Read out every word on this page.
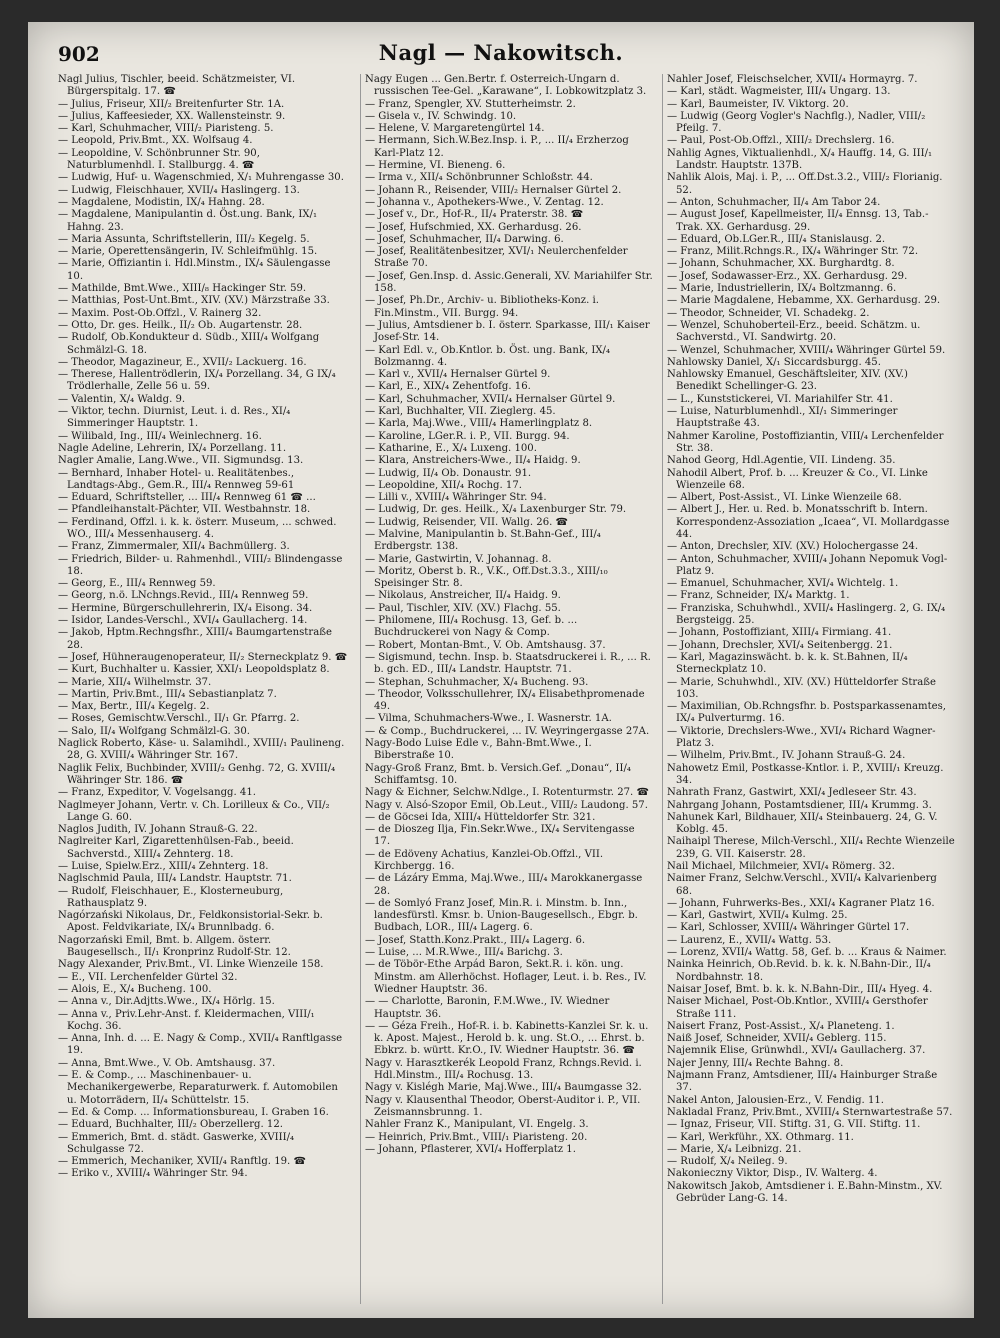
902	Nagl — Nakowitsch.

Nagl Julius, Tischler, beeid. Schätzmeister, VI. Bürgerspitalg. 17. ☎

— Julius, Friseur, XII/₂ Breitenfurter Str. 1A.

— Julius, Kaffeesieder, XX. Wallensteinstr. 9.

— Karl, Schuhmacher, VIII/₂ Piaristeng. 5.

— Leopold, Priv.Bmt., XX. Wolfsaug 4.

— Leopoldine, V. Schönbrunner Str. 90, Naturblumenhdl. I. Stallburgg. 4. ☎

— Ludwig, Huf- u. Wagenschmied, X/₁ Muhrengasse 30.

— Ludwig, Fleischhauer, XVII/₄ Haslingerg. 13.

— Magdalene, Modistin, IX/₄ Hahng. 28.

— Magdalene, Manipulantin d. Öst.ung. Bank, IX/₁ Hahng. 23.

— Maria Assunta, Schriftstellerin, III/₂ Kegelg. 5.

— Marie, Operettensängerin, IV. Schleifmühlg. 15.

— Marie, Offiziantin i. Hdl.Minstm., IX/₄ Säulengasse 10.

— Mathilde, Bmt.Wwe., XIII/₈ Hackinger Str. 59.

— Matthias, Post-Unt.Bmt., XIV. (XV.) Märzstraße 33.

— Maxim. Post-Ob.Offzl., V. Rainerg 32.

— Otto, Dr. ges. Heilk., II/₂ Ob. Augartenstr. 28.

— Rudolf, Ob.Kondukteur d. Südb., XIII/₄ Wolfgang Schmälzl-G. 18.

— Theodor, Magazineur, E., XVII/₂ Lackuerg. 16.

— Therese, Hallentrödlerin, IX/₄ Porzellang. 34, G IX/₄ Trödlerhalle, Zelle 56 u. 59.

— Valentin, X/₄ Waldg. 9.

— Viktor, techn. Diurnist, Leut. i. d. Res., XI/₄ Simmeringer Hauptstr. 1.

— Wilibald, Ing., III/₄ Weinlechnerg. 16.

Nagle Adeline, Lehrerin, IX/₄ Porzellang. 11.

Nagler Amalie, Lang.Wwe., VII. Sigmundsg. 13.

— Bernhard, Inhaber Hotel- u. Realitätenbes., Landtags-Abg., Gem.R., III/₄ Rennweg 59-61

— Eduard, Schriftsteller, ... III/₄ Rennweg 61 ☎ ...

— Pfandleihanstalt-Pächter, VII. Westbahnstr. 18.

— Ferdinand, Offzl. i. k. k. österr. Museum, ... schwed. WO., III/₄ Messenhauserg. 4.

— Franz, Zimmermaler, XII/₄ Bachmüllerg. 3.

— Friedrich, Bilder- u. Rahmenhdl., VIII/₂ Blindengasse 18.

— Georg, E., III/₄ Rennweg 59.

— Georg, n.ö. LNchngs.Revid., III/₄ Rennweg 59.

— Hermine, Bürgerschullehrerin, IX/₄ Eisong. 34.

— Isidor, Landes-Verschl., XVI/₄ Gaullacherg. 14.

— Jakob, Hptm.Rechngsfhr., XIII/₄ Baumgartenstraße 28.

— Josef, Hühneraugenoperateur, II/₂ Sterneckplatz 9. ☎

— Kurt, Buchhalter u. Kassier, XXI/₁ Leopoldsplatz 8.

— Marie, XII/₄ Wilhelmstr. 37.

— Martin, Priv.Bmt., III/₄ Sebastianplatz 7.

— Max, Bertr., III/₄ Kegelg. 2.

— Roses, Gemischtw.Verschl., II/₁ Gr. Pfarrg. 2.

— Salo, II/₄ Wolfgang Schmälzl-G. 30.

Naglick Roberto, Käse- u. Salamihdl., XVIII/₁ Paulineng. 28, G. XVIII/₄ Währinger Str. 167.

Naglik Felix, Buchbinder, XVIII/₂ Genhg. 72, G. XVIII/₄ Währinger Str. 186. ☎

— Franz, Expeditor, V. Vogelsangg. 41.

Naglmeyer Johann, Vertr. v. Ch. Lorilleux & Co., VII/₂ Lange G. 60.

Naglos Judith, IV. Johann Strauß-G. 22.

Naglreiter Karl, Zigarettenhülsen-Fab., beeid. Sachverstd., XIII/₄ Zehnterg. 18.

— Luise, Spielw.Erz., XIII/₄ Zehnterg. 18.

Naglschmid Paula, III/₄ Landstr. Hauptstr. 71.

— Rudolf, Fleischhauer, E., Klosterneuburg, Rathausplatz 9.

Nagórzański Nikolaus, Dr., Feldkonsistorial-Sekr. b. Apost. Feldvikariate, IX/₄ Brunnlbadg. 6.

Nagorzański Emil, Bmt. b. Allgem. österr. Baugesellsch., II/₁ Kronprinz Rudolf-Str. 12.

Nagy Alexander, Priv.Bmt., VI. Linke Wienzeile 158.

— E., VII. Lerchenfelder Gürtel 32.

— Alois, E., X/₄ Bucheng. 100.

— Anna v., Dir.Adjtts.Wwe., IX/₄ Hörlg. 15.

— Anna v., Priv.Lehr-Anst. f. Kleidermachen, VIII/₁ Kochg. 36.

— Anna, Inh. d. ... E. Nagy & Comp., XVII/₄ Ranftlgasse 19.

— Anna, Bmt.Wwe., V. Ob. Amtshausg. 37.

— E. & Comp., ... Maschinenbauer- u. Mechanikergewerbe, Reparaturwerk. f. Automobilen u. Motorrädern, II/₄ Schüttelstr. 15.

— Ed. & Comp. ... Informationsbureau, I. Graben 16.

— Eduard, Buchhalter, III/₂ Oberzellerg. 12.

— Emmerich, Bmt. d. städt. Gaswerke, XVIII/₄ Schulgasse 72.

— Emmerich, Mechaniker, XVII/₄ Ranftlg. 19. ☎

— Eriko v., XVIII/₄ Währinger Str. 94.

Nagy Eugen ... Gen.Bertr. f. Österreich-Ungarn d. russischen Tee-Gel. „Karawane“, I. Lobkowitzplatz 3.

— Franz, Spengler, XV. Stutterheimstr. 2.

— Gisela v., IV. Schwindg. 10.

— Helene, V. Margaretengürtel 14.

— Hermann, Sich.W.Bez.Insp. i. P., ... II/₄ Erzherzog Karl-Platz 12.

— Hermine, VI. Bieneng. 6.

— Irma v., XII/₄ Schönbrunner Schloßstr. 44.

— Johann R., Reisender, VIII/₂ Hernalser Gürtel 2.

— Johanna v., Apothekers-Wwe., V. Zentag. 12.

— Josef v., Dr., Hof-R., II/₄ Praterstr. 38. ☎

— Josef, Hufschmied, XX. Gerhardusg. 26.

— Josef, Schuhmacher, II/₄ Darwing. 6.

— Josef, Realitätenbesitzer, XVI/₁ Neulerchenfelder Straße 70.

— Josef, Gen.Insp. d. Assic.Generali, XV. Mariahilfer Str. 158.

— Josef, Ph.Dr., Archiv- u. Bibliotheks-Konz. i. Fin.Minstm., VII. Burgg. 94.

— Julius, Amtsdiener b. I. österr. Sparkasse, III/₁ Kaiser Josef-Str. 14.

— Karl Edl. v., Ob.Kntlor. b. Öst. ung. Bank, IX/₄ Bolzmanng. 4.

— Karl v., XVII/₄ Hernalser Gürtel 9.

— Karl, E., XIX/₄ Zehentfofg. 16.

— Karl, Schuhmacher, XVII/₄ Hernalser Gürtel 9.

— Karl, Buchhalter, VII. Zieglerg. 45.

— Karla, Maj.Wwe., VIII/₄ Hamerlingplatz 8.

— Karoline, LGer.R. i. P., VII. Burgg. 94.

— Katharine, E., X/₄ Luxeng. 100.

— Klara, Anstreichers-Wwe., II/₄ Haidg. 9.

— Ludwig, II/₄ Ob. Donaustr. 91.

— Leopoldine, XII/₄ Rochg. 17.

— Lilli v., XVIII/₄ Währinger Str. 94.

— Ludwig, Dr. ges. Heilk., X/₄ Laxenburger Str. 79.

— Ludwig, Reisender, VII. Wallg. 26. ☎

— Malvine, Manipulantin b. St.Bahn-Gef., III/₄ Erdbergstr. 138.

— Marie, Gastwirtin, V. Johannag. 8.

— Moritz, Oberst b. R., V.K., Off.Dst.3.3., XIII/₁₀ Speisinger Str. 8.

— Nikolaus, Anstreicher, II/₄ Haidg. 9.

— Paul, Tischler, XIV. (XV.) Flachg. 55.

— Philomene, III/₄ Rochusg. 13, Gef. b. ... Buchdruckerei von Nagy & Comp.

— Robert, Montan-Bmt., V. Ob. Amtshausg. 37.

— Sigismund, techn. Insp. b. Staatsdruckerei i. R., ... R. b. gch. ED., III/₄ Landstr. Hauptstr. 71.

— Stephan, Schuhmacher, X/₄ Bucheng. 93.

— Theodor, Volksschullehrer, IX/₄ Elisabethpromenade 49.

— Vilma, Schuhmachers-Wwe., I. Wasnerstr. 1A.

— & Comp., Buchdruckerei, ... IV. Weyringergasse 27A.

Nagy-Bodo Luise Edle v., Bahn-Bmt.Wwe., I. Biberstraße 10.

Nagy-Groß Franz, Bmt. b. Versich.Gef. „Donau“, II/₄ Schiffamtsg. 10.

Nagy & Eichner, Selchw.Ndlge., I. Rotenturmstr. 27. ☎

Nagy v. Alsó-Szopor Emil, Ob.Leut., VIII/₂ Laudong. 57.

— de Göcsei Ida, XIII/₄ Hütteldorfer Str. 321.

— de Dioszeg Ilja, Fin.Sekr.Wwe., IX/₄ Servitengasse 17.

— de Edöveny Achatius, Kanzlei-Ob.Offzl., VII. Kirchbergg. 16.

— de Lázáry Emma, Maj.Wwe., III/₄ Marokkanergasse 28.

— de Somlyó Franz Josef, Min.R. i. Minstm. b. Inn., landesfürstl. Kmsr. b. Union-Baugesellsch., Ebgr. b. Budbach, LOR., III/₄ Lagerg. 6.

— Josef, Statth.Konz.Prakt., III/₄ Lagerg. 6.

— Luise, ... M.R.Wwe., III/₄ Barichg. 3.

— de Töbör-Ethe Arpád Baron, Sekt.R. i. kön. ung. Minstm. am Allerhöchst. Hoflager, Leut. i. b. Res., IV. Wiedner Hauptstr. 36.

— — Charlotte, Baronin, F.M.Wwe., IV. Wiedner Hauptstr. 36.

— — Géza Freih., Hof-R. i. b. Kabinetts-Kanzlei Sr. k. u. k. Apost. Majest., Herold b. k. ung. St.O., ... Ehrst. b. Ebkrz. b. württ. Kr.O., IV. Wiedner Hauptstr. 36. ☎

Nagy v. Harasztkerék Leopold Franz, Rchngs.Revid. i. Hdl.Minstm., III/₄ Rochusg. 13.

Nagy v. Kislégh Marie, Maj.Wwe., III/₄ Baumgasse 32.

Nagy v. Klausenthal Theodor, Oberst-Auditor i. P., VII. Zeismannsbrunng. 1.

Nahler Franz K., Manipulant, VI. Engelg. 3.

— Heinrich, Priv.Bmt., VIII/₁ Piaristeng. 20.

— Johann, Pflasterer, XVI/₄ Hofferplatz 1.

Nahler Josef, Fleischselcher, XVII/₄ Hormayrg. 7.

— Karl, städt. Wagmeister, III/₄ Ungarg. 13.

— Karl, Baumeister, IV. Viktorg. 20.

— Ludwig (Georg Vogler's Nachflg.), Nadler, VIII/₂ Pfeilg. 7.

— Paul, Post-Ob.Offzl., XIII/₂ Drechslerg. 16.

Nahlig Agnes, Viktualienhdl., X/₄ Hauffg. 14, G. III/₁ Landstr. Hauptstr. 137B.

Nahlik Alois, Maj. i. P., ... Off.Dst.3.2., VIII/₂ Florianig. 52.

— Anton, Schuhmacher, II/₄ Am Tabor 24.

— August Josef, Kapellmeister, II/₄ Ennsg. 13, Tab.-Trak. XX. Gerhardusg. 29.

— Eduard, Ob.LGer.R., III/₄ Stanislausg. 2.

— Franz, Milit.Rchngs.R., IX/₄ Währinger Str. 72.

— Johann, Schuhmacher, XX. Burghardtg. 8.

— Josef, Sodawasser-Erz., XX. Gerhardusg. 29.

— Marie, Industriellerin, IX/₄ Boltzmanng. 6.

— Marie Magdalene, Hebamme, XX. Gerhardusg. 29.

— Theodor, Schneider, VI. Schadekg. 2.

— Wenzel, Schuhoberteil-Erz., beeid. Schätzm. u. Sachverstd., VI. Sandwirtg. 20.

— Wenzel, Schuhmacher, XVIII/₄ Währinger Gürtel 59.

Nahlowsky Daniel, X/₁ Siccardsburgg. 45.

Nahlowsky Emanuel, Geschäftsleiter, XIV. (XV.) Benedikt Schellinger-G. 23.

— L., Kunststickerei, VI. Mariahilfer Str. 41.

— Luise, Naturblumenhdl., XI/₁ Simmeringer Hauptstraße 43.

Nahmer Karoline, Postoffiziantin, VIII/₄ Lerchenfelder Str. 38.

Nahod Georg, Hdl.Agentie, VII. Lindeng. 35.

Nahodil Albert, Prof. b. ... Kreuzer & Co., VI. Linke Wienzeile 68.

— Albert, Post-Assist., VI. Linke Wienzeile 68.

— Albert J., Her. u. Red. b. Monatsschrift b. Intern. Korrespondenz-Assoziation „Icaea“, VI. Mollardgasse 44.

— Anton, Drechsler, XIV. (XV.) Holochergasse 24.

— Anton, Schuhmacher, XVIII/₄ Johann Nepomuk Vogl-Platz 9.

— Emanuel, Schuhmacher, XVI/₄ Wichtelg. 1.

— Franz, Schneider, IX/₄ Marktg. 1.

— Franziska, Schuhwhdl., XVII/₄ Haslingerg. 2, G. IX/₄ Bergsteigg. 25.

— Johann, Postoffiziant, XIII/₄ Firmiang. 41.

— Johann, Drechsler, XVI/₄ Seitenbergg. 21.

— Karl, Magazinswächt. b. k. k. St.Bahnen, II/₄ Sterneckplatz 10.

— Marie, Schuhwhdl., XIV. (XV.) Hütteldorfer Straße 103.

— Maximilian, Ob.Rchngsfhr. b. Postsparkassenamtes, IX/₄ Pulverturmg. 16.

— Viktorie, Drechslers-Wwe., XVI/₄ Richard Wagner-Platz 3.

— Wilhelm, Priv.Bmt., IV. Johann Strauß-G. 24.

Nahowetz Emil, Postkasse-Kntlor. i. P., XVIII/₁ Kreuzg. 34.

Nahrath Franz, Gastwirt, XXI/₄ Jedleseer Str. 43.

Nahrgang Johann, Postamtsdiener, III/₄ Krummg. 3.

Nahunek Karl, Bildhauer, XII/₄ Steinbauerg. 24, G. V. Koblg. 45.

Naihaipl Therese, Milch-Verschl., XII/₄ Rechte Wienzeile 239, G. VII. Kaiserstr. 28.

Nail Michael, Milchmeier, XVI/₄ Römerg. 32.

Naimer Franz, Selchw.Verschl., XVII/₄ Kalvarienberg 68.

— Johann, Fuhrwerks-Bes., XXI/₄ Kagraner Platz 16.

— Karl, Gastwirt, XVII/₄ Kulmg. 25.

— Karl, Schlosser, XVIII/₄ Währinger Gürtel 17.

— Laurenz, E., XVII/₄ Wattg. 53.

— Lorenz, XVII/₄ Wattg. 58, Gef. b. ... Kraus & Naimer.

Nainka Heinrich, Ob.Revid. b. k. k. N.Bahn-Dir., II/₄ Nordbahnstr. 18.

Naisar Josef, Bmt. b. k. k. N.Bahn-Dir., III/₄ Hyeg. 4.

Naiser Michael, Post-Ob.Kntlor., XVIII/₄ Gersthofer Straße 111.

Naisert Franz, Post-Assist., X/₄ Planeteng. 1.

Naiß Josef, Schneider, XVII/₄ Geblerg. 115.

Najemnik Elise, Grünwhdl., XVI/₄ Gaullacherg. 37.

Najer Jenny, III/₄ Rechte Bahng. 8.

Najmann Franz, Amtsdiener, III/₄ Hainburger Straße 37.

Nakel Anton, Jalousien-Erz., V. Fendig. 11.

Nakladal Franz, Priv.Bmt., XVIII/₄ Sternwartestraße 57.

— Ignaz, Friseur, VII. Stiftg. 31, G. VII. Stiftg. 11.

— Karl, Werkführ., XX. Othmarg. 11.

— Marie, X/₄ Leibnizg. 21.

— Rudolf, X/₄ Neileg. 9.

Nakonieczny Viktor, Disp., IV. Walterg. 4.

Nakowitsch Jakob, Amtsdiener i. E.Bahn-Minstm., XV. Gebrüder Lang-G. 14.
